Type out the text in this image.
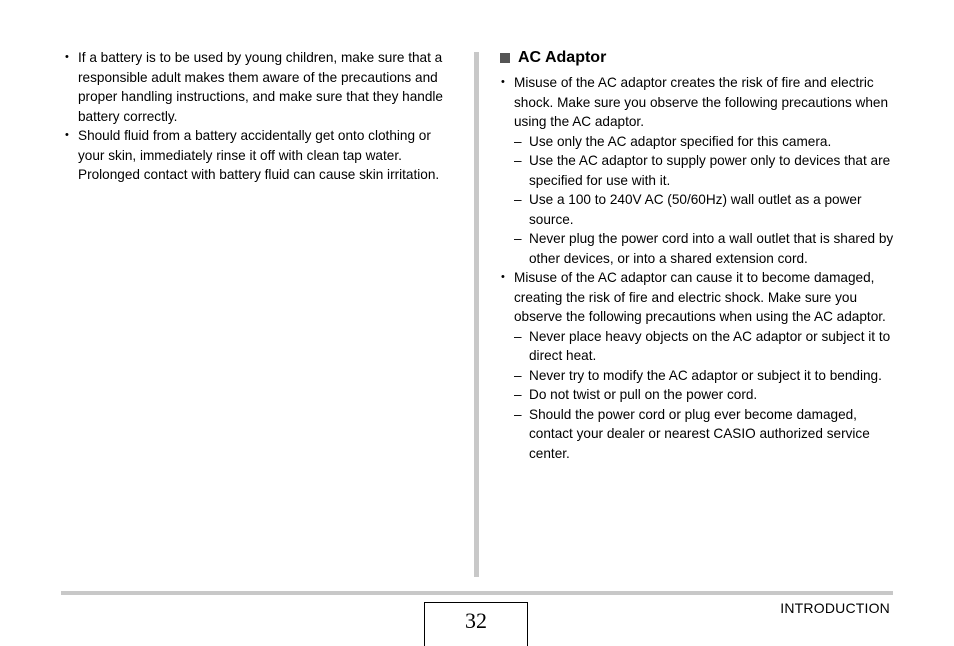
• If a battery is to be used by young children, make sure that a responsible adult makes them aware of the precautions and proper handling instructions, and make sure that they handle battery correctly.
• Should fluid from a battery accidentally get onto clothing or your skin, immediately rinse it off with clean tap water. Prolonged contact with battery fluid can cause skin irritation.
AC Adaptor
• Misuse of the AC adaptor creates the risk of fire and electric shock. Make sure you observe the following precautions when using the AC adaptor.
– Use only the AC adaptor specified for this camera.
– Use the AC adaptor to supply power only to devices that are specified for use with it.
– Use a 100 to 240V AC (50/60Hz) wall outlet as a power source.
– Never plug the power cord into a wall outlet that is shared by other devices, or into a shared extension cord.
• Misuse of the AC adaptor can cause it to become damaged, creating the risk of fire and electric shock. Make sure you observe the following precautions when using the AC adaptor.
– Never place heavy objects on the AC adaptor or subject it to direct heat.
– Never try to modify the AC adaptor or subject it to bending.
– Do not twist or pull on the power cord.
– Should the power cord or plug ever become damaged, contact your dealer or nearest CASIO authorized service center.
32	INTRODUCTION
